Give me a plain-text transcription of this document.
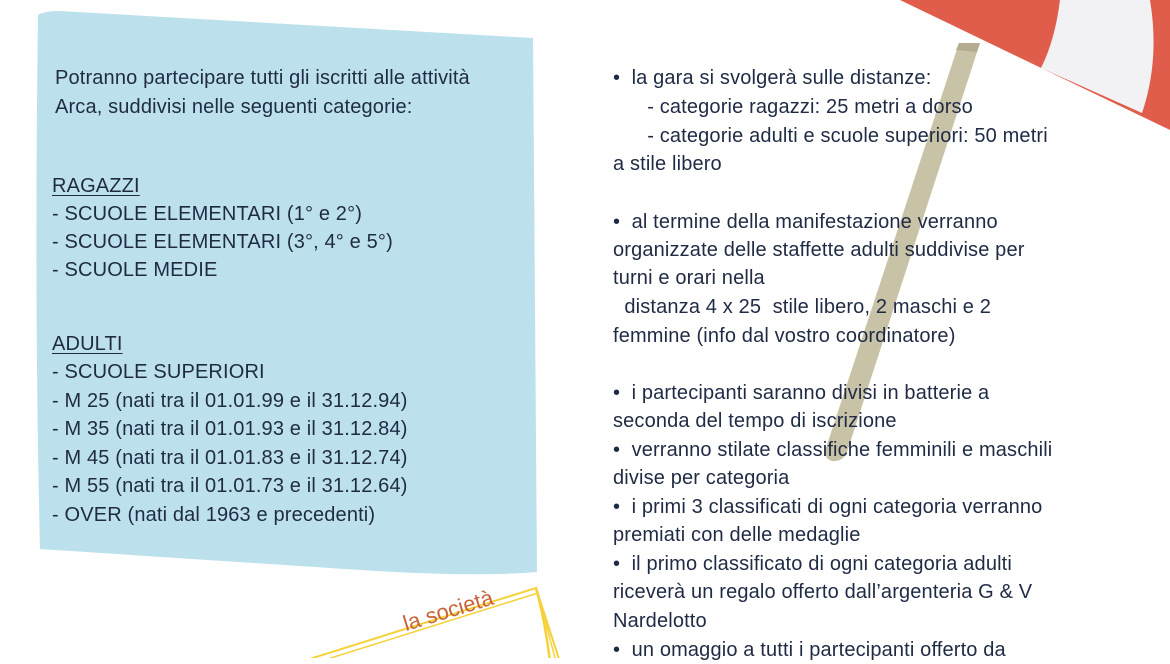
Potranno partecipare tutti gli iscritti alle attività
Arca, suddivisi nelle seguenti categorie:
RAGAZZI
- SCUOLE ELEMENTARI (1° e 2°)
- SCUOLE ELEMENTARI (3°, 4° e 5°)
- SCUOLE MEDIE
ADULTI
- SCUOLE SUPERIORI
- M 25 (nati tra il 01.01.99 e il 31.12.94)
- M 35 (nati tra il 01.01.93 e il 31.12.84)
- M 45 (nati tra il 01.01.83 e il 31.12.74)
- M 55 (nati tra il 01.01.73 e il 31.12.64)
- OVER (nati dal 1963 e precedenti)
•  la gara si svolgerà sulle distanze:
- categorie ragazzi: 25 metri a dorso
- categorie adulti e scuole superiori: 50 metri
a stile libero
•  al termine della manifestazione verranno
organizzate delle staffette adulti suddivise per
turni e orari nella
distanza 4 x 25  stile libero, 2 maschi e 2
femmine (info dal vostro coordinatore)
•  i partecipanti saranno divisi in batterie a
seconda del tempo di iscrizione
•  verranno stilate classifiche femminili e maschili
divise per categoria
•  i primi 3 classificati di ogni categoria verranno
premiati con delle medaglie
•  il primo classificato di ogni categoria adulti
riceverà un regalo offerto dall’argenteria G & V
Nardelotto
•  un omaggio a tutti i partecipanti offerto da
la società
